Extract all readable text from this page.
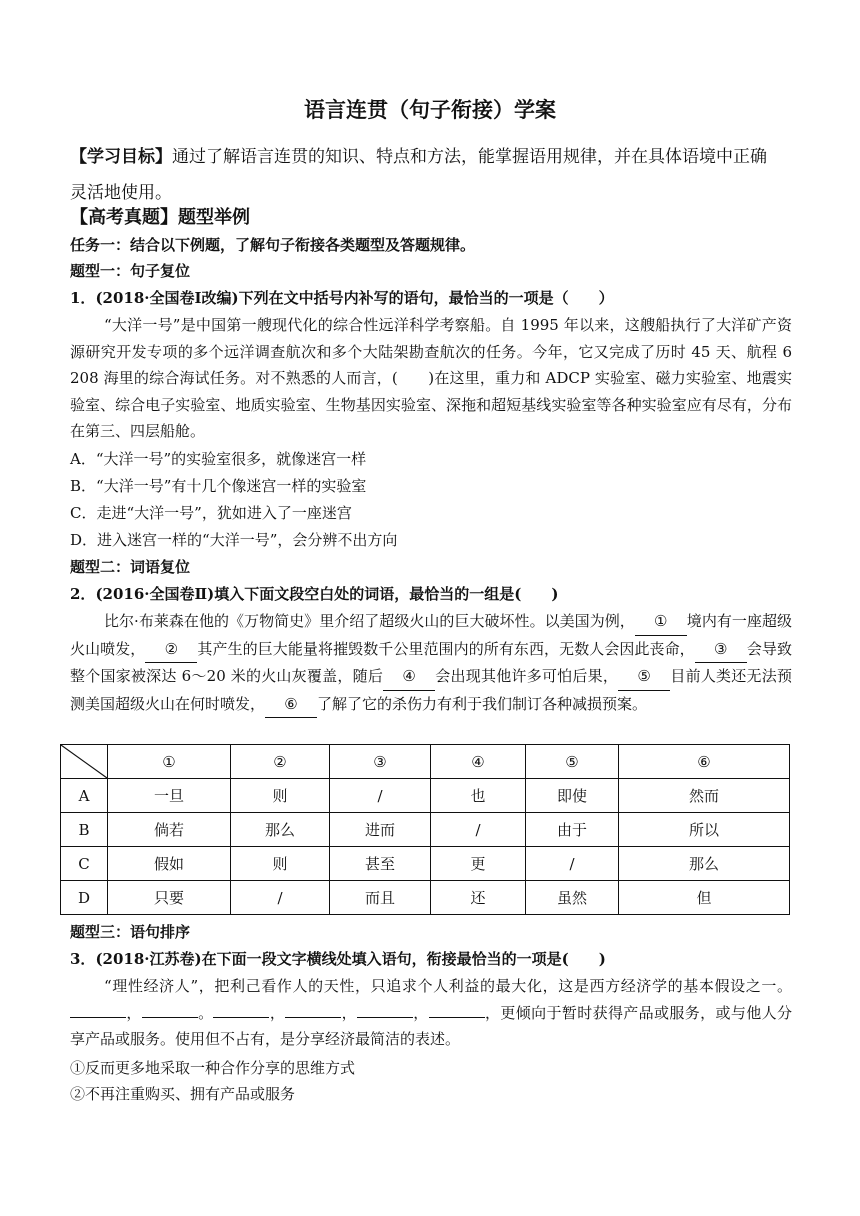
语言连贯（句子衔接）学案
【学习目标】通过了解语言连贯的知识、特点和方法，能掌握语用规律，并在具体语境中正确
灵活地使用。
【高考真题】题型举例
任务一：结合以下例题，了解句子衔接各类题型及答题规律。
题型一：句子复位
1．(2018·全国卷Ⅰ改编)下列在文中括号内补写的语句，最恰当的一项是（　　）
“大洋一号”是中国第一艘现代化的综合性远洋科学考察船。自 1995 年以来，这艘船执行了大洋矿产资源研究开发专项的多个远洋调查航次和多个大陆架勘查航次的任务。今年，它又完成了历时 45 天、航程 6 208 海里的综合海试任务。对不熟悉的人而言，(　　)在这里，重力和 ADCP 实验室、磁力实验室、地震实验室、综合电子实验室、地质实验室、生物基因实验室、深拖和超短基线实验室等各种实验室应有尽有，分布在第三、四层船舱。
A．“大洋一号”的实验室很多，就像迷宫一样
B．“大洋一号”有十几个像迷宫一样的实验室
C．走进“大洋一号”，犹如进入了一座迷宫
D．进入迷宫一样的“大洋一号”，会分辨不出方向
题型二：词语复位
2．(2016·全国卷Ⅱ)填入下面文段空白处的词语，最恰当的一组是(　　)
比尔·布莱森在他的《万物简史》里介绍了超级火山的巨大破坏性。以美国为例， ① 境内有一座超级火山喷发， ② 其产生的巨大能量将摧毁数千公里范围内的所有东西，无数人会因此丧命， ③ 会导致整个国家被深达 6～20 米的火山灰覆盖，随后 ④ 会出现其他许多可怕后果， ⑤ 目前人类还无法预测美国超级火山在何时喷发， ⑥ 了解了它的杀伤力有利于我们制订各种减损预案。
	①	②	③	④	⑤	⑥
A	一旦	则	/	也	即使	然而
B	倘若	那么	进而	/	由于	所以
C	假如	则	甚至	更	/	那么
D	只要	/	而且	还	虽然	但
题型三：语句排序
3．(2018·江苏卷)在下面一段文字横线处填入语句，衔接最恰当的一项是(　　)
“理性经济人”，把利己看作人的天性，只追求个人利益的最大化，这是西方经济学的基本假设之一。，	。	，	，	，	，更倾向于暂时获得产品或服务，或与他人分享产品或服务。使用但不占有，是分享经济最简洁的表述。
①反而更多地采取一种合作分享的思维方式
②不再注重购买、拥有产品或服务
